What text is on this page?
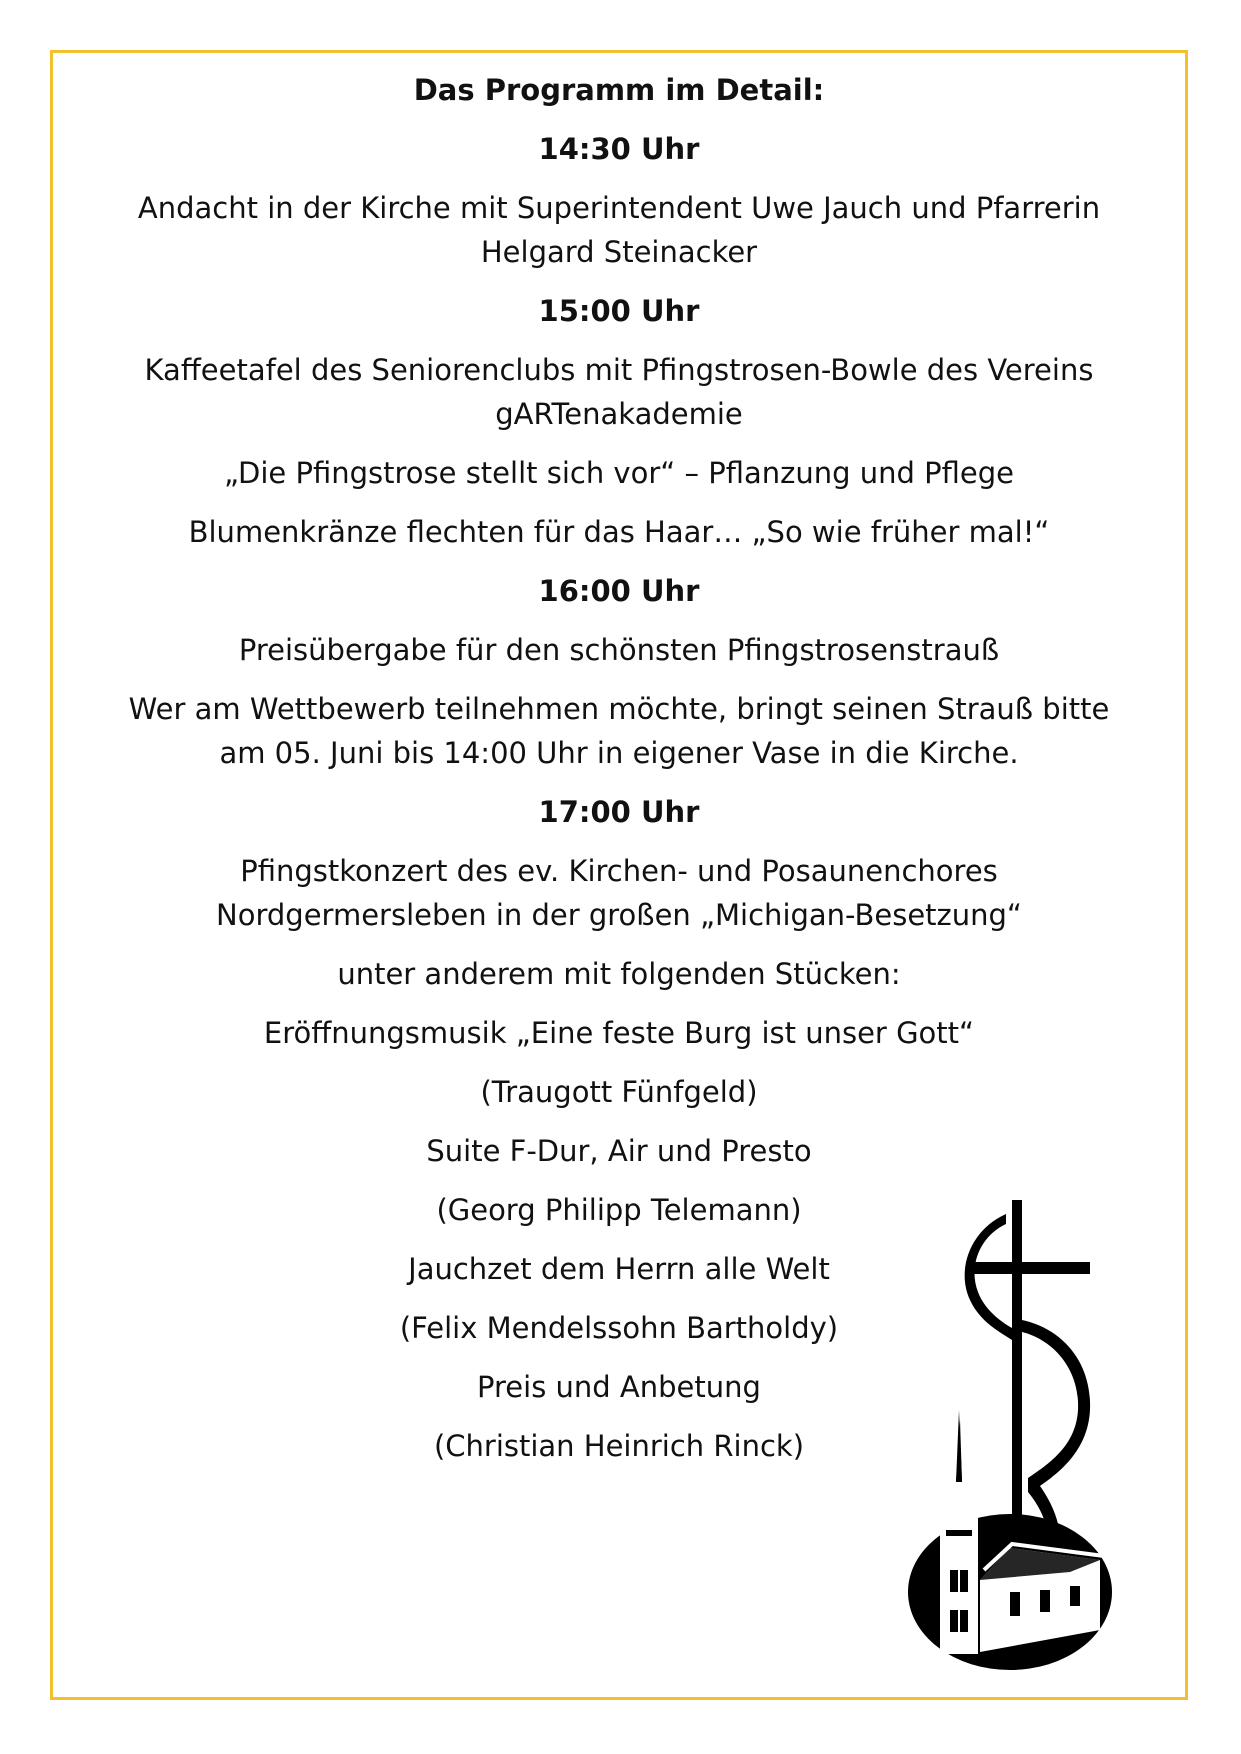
Das Programm im Detail:
14:30 Uhr
Andacht in der Kirche mit Superintendent Uwe Jauch und Pfarrerin
Helgard Steinacker
15:00 Uhr
Kaffeetafel des Seniorenclubs mit Pfingstrosen-Bowle des Vereins
gARTenakademie
„Die Pfingstrose stellt sich vor“ – Pflanzung und Pflege
Blumenkränze flechten für das Haar… „So wie früher mal!“
16:00 Uhr
Preisübergabe für den schönsten Pfingstrosenstrauß
Wer am Wettbewerb teilnehmen möchte, bringt seinen Strauß bitte
am 05. Juni bis 14:00 Uhr in eigener Vase in die Kirche.
17:00 Uhr
Pfingstkonzert des ev. Kirchen- und Posaunenchores
Nordgermersleben in der großen „Michigan-Besetzung“
unter anderem mit folgenden Stücken:
Eröffnungsmusik „Eine feste Burg ist unser Gott“
(Traugott Fünfgeld)
Suite F-Dur, Air und Presto
(Georg Philipp Telemann)
Jauchzet dem Herrn alle Welt
(Felix Mendelssohn Bartholdy)
Preis und Anbetung
(Christian Heinrich Rinck)
